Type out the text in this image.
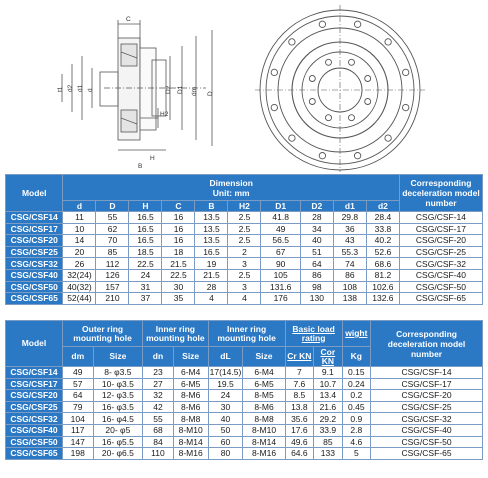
C
t1 d2 d1 d	D2 D1 dm D
H
H2
B
Model	Dimension
Unit: mm										Corresponding deceleration model number
	d	D	H	C	B	H2	D1	D2	d1	d2	
CSG/CSF14	11	55	16.5	16	13.5	2.5	41.8	28	29.8	28.4	CSG/CSF-14
CSG/CSF17	10	62	16.5	16	13.5	2.5	49	34	36	33.8	CSG/CSF-17
CSG/CSF20	14	70	16.5	16	13.5	2.5	56.5	40	43	40.2	CSG/CSF-20
CSG/CSF25	20	85	18.5	18	16.5	2	67	51	55.3	52.6	CSG/CSF-25
CSG/CSF32	26	112	22.5	21.5	19	3	90	64	74	68.6	CSG/CSF-32
CSG/CSF40	32(24)	126	24	22.5	21.5	2.5	105	86	86	81.2	CSG/CSF-40
CSG/CSF50	40(32)	157	31	30	28	3	131.6	98	108	102.6	CSG/CSF-50
CSG/CSF65	52(44)	210	37	35	4	4	176	130	138	132.6	CSG/CSF-65
Model	Outer ring mounting hole		Inner ring mounting hole		Inner ring mounting hole		Basic load rating		wight	Corresponding deceleration model number
	dm	Size	dn	Size	dL	Size	Cr KN	Cor KN	Kg	
CSG/CSF14	49	8- φ3.5	23	6-M4	17(14.5)	6-M4	7	9.1	0.15	CSG/CSF-14
CSG/CSF17	57	10- φ3.5	27	6-M5	19.5	6-M5	7.6	10.7	0.24	CSG/CSF-17
CSG/CSF20	64	12- φ3.5	32	8-M6	24	8-M5	8.5	13.4	0.2	CSG/CSF-20
CSG/CSF25	79	16- φ3.5	42	8-M6	30	8-M6	13.8	21.6	0.45	CSG/CSF-25
CSG/CSF32	104	16- φ4.5	55	8-M8	40	8-M8	35.6	29.2	0.9	CSG/CSF-32
CSG/CSF40	117	20- φ5	68	8-M10	50	8-M10	17.6	33.9	2.8	CSG/CSF-40
CSG/CSF50	147	16- φ5.5	84	8-M14	60	8-M14	49.6	85	4.6	CSG/CSF-50
CSG/CSF65	198	20- φ6.5	110	8-M16	80	8-M16	64.6	133	5	CSG/CSF-65
